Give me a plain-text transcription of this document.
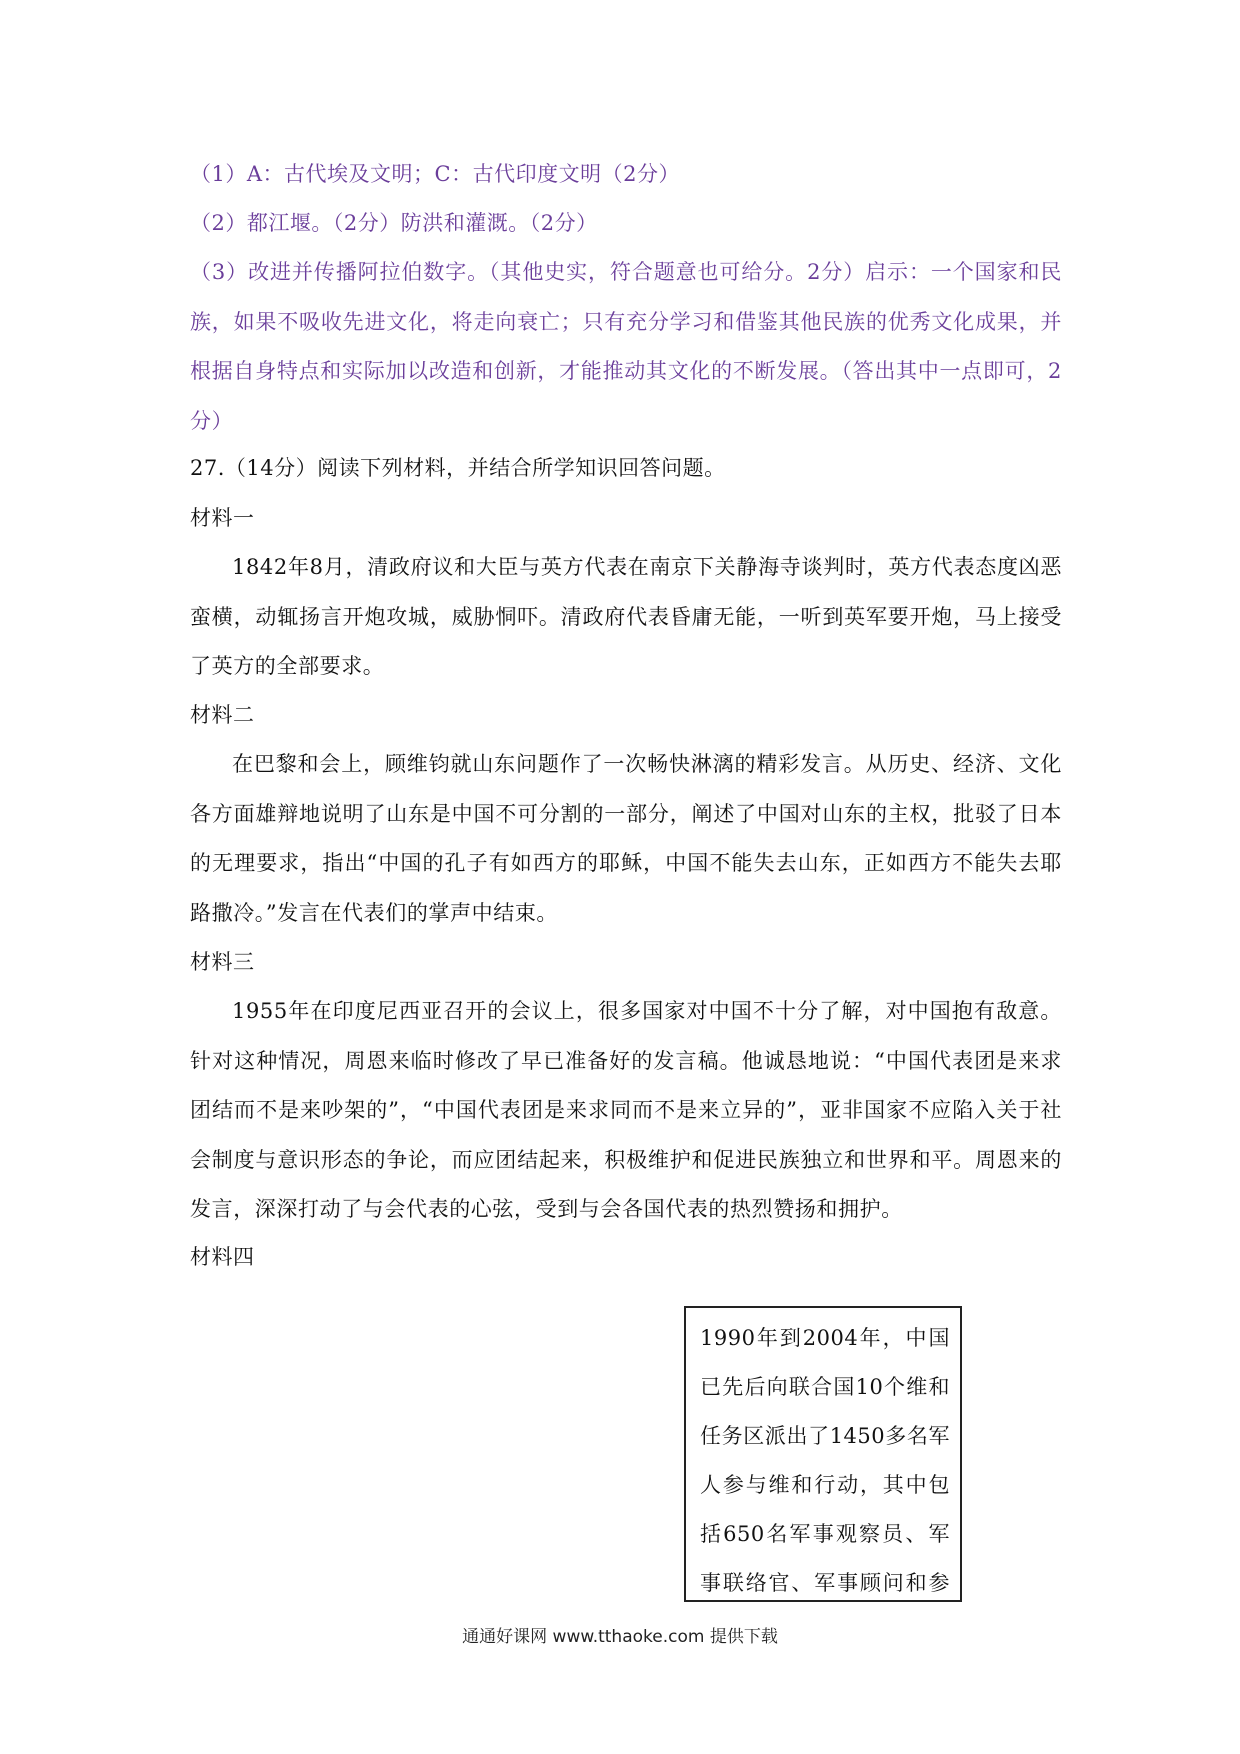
（1）A：古代埃及文明；C：古代印度文明（2分）
（2）都江堰。（2分）防洪和灌溉。（2分）
（3）改进并传播阿拉伯数字。（其他史实，符合题意也可给分。2分）启示：一个国家和民族，如果不吸收先进文化，将走向衰亡；只有充分学习和借鉴其他民族的优秀文化成果，并根据自身特点和实际加以改造和创新，才能推动其文化的不断发展。（答出其中一点即可，2分）
27.（14分）阅读下列材料，并结合所学知识回答问题。
材料一
1842年8月，清政府议和大臣与英方代表在南京下关静海寺谈判时，英方代表态度凶恶蛮横，动辄扬言开炮攻城，威胁恫吓。清政府代表昏庸无能，一听到英军要开炮，马上接受了英方的全部要求。
材料二
在巴黎和会上，顾维钧就山东问题作了一次畅快淋漓的精彩发言。从历史、经济、文化各方面雄辩地说明了山东是中国不可分割的一部分，阐述了中国对山东的主权，批驳了日本的无理要求，指出“中国的孔子有如西方的耶稣，中国不能失去山东，正如西方不能失去耶路撒冷。”发言在代表们的掌声中结束。
材料三
1955年在印度尼西亚召开的会议上，很多国家对中国不十分了解，对中国抱有敌意。针对这种情况，周恩来临时修改了早已准备好的发言稿。他诚恳地说：“中国代表团是来求团结而不是来吵架的”，“中国代表团是来求同而不是来立异的”，亚非国家不应陷入关于社会制度与意识形态的争论，而应团结起来，积极维护和促进民族独立和世界和平。周恩来的发言，深深打动了与会代表的心弦，受到与会各国代表的热烈赞扬和拥护。
材料四
1990年到2004年，中国已先后向联合国10个维和任务区派出了1450多名军人参与维和行动，其中包括650名军事观察员、军事联络官、军事顾问和参
通通好课网 www.tthaoke.com 提供下载
